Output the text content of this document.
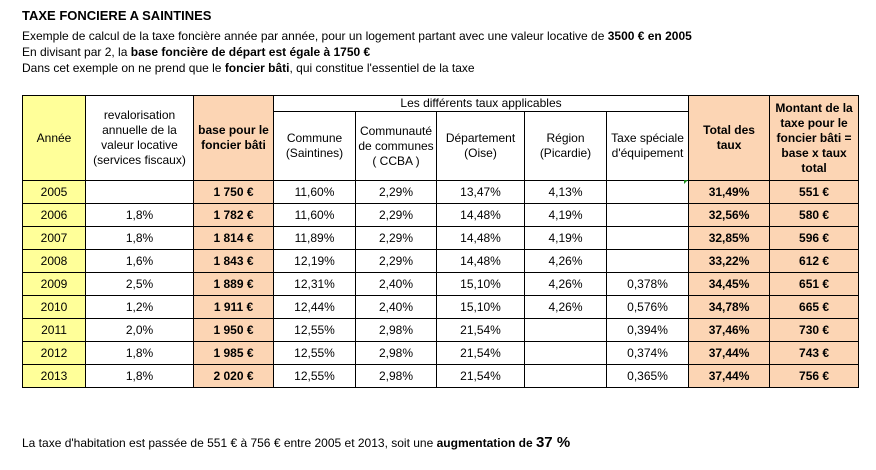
TAXE FONCIERE A SAINTINES
Exemple de calcul de la taxe foncière année par année, pour un logement partant avec une valeur locative de 3500 € en 2005
En divisant par 2, la base foncière de départ est égale à 1750 €
Dans cet exemple on ne prend que le foncier bâti, qui constitue l'essentiel de la taxe
Année	revalorisation annuelle de la valeur locative (services fiscaux)	base pour le foncier bâti	Les différents taux applicables					Total des taux	Montant de la taxe pour le foncier bâti = base x taux total
			Commune (Saintines)	Communauté de communes ( CCBA )	Département (Oise)	Région (Picardie)	Taxe spéciale d'équipement		
2005		1 750 €	11,60%	2,29%	13,47%	4,13%		31,49%	551 €
2006	1,8%	1 782 €	11,60%	2,29%	14,48%	4,19%		32,56%	580 €
2007	1,8%	1 814 €	11,89%	2,29%	14,48%	4,19%		32,85%	596 €
2008	1,6%	1 843 €	12,19%	2,29%	14,48%	4,26%		33,22%	612 €
2009	2,5%	1 889 €	12,31%	2,40%	15,10%	4,26%	0,378%	34,45%	651 €
2010	1,2%	1 911 €	12,44%	2,40%	15,10%	4,26%	0,576%	34,78%	665 €
2011	2,0%	1 950 €	12,55%	2,98%	21,54%		0,394%	37,46%	730 €
2012	1,8%	1 985 €	12,55%	2,98%	21,54%		0,374%	37,44%	743 €
2013	1,8%	2 020 €	12,55%	2,98%	21,54%		0,365%	37,44%	756 €
La taxe d'habitation est passée de 551 € à 756 € entre 2005 et 2013, soit une augmentation de 37 %
